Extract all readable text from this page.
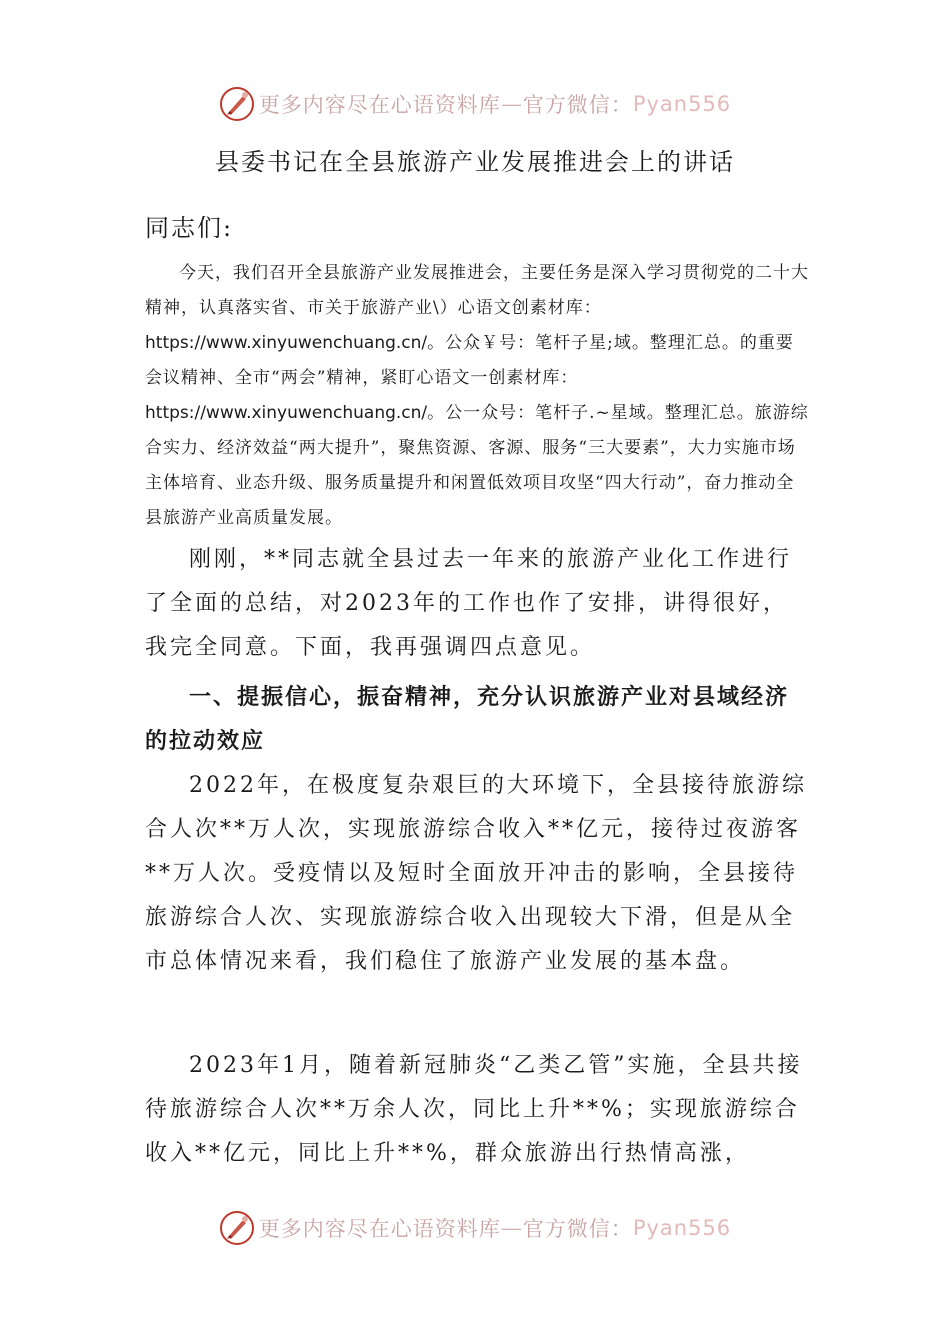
更多内容尽在心语资料库 — 官方微信： Pyan556
县委书记在全县旅游产业发展推进会上的讲话
同志们:

今天，我们召开全县旅游产业发展推进会，主要任务是深入学习贯彻党的二十大精神，认真落实省、市关于旅游产业\）心语文创素材库：https://www.xinyuwenchuang.cn/。公众￥号：笔杆子星;域。整理汇总。的重要会议精神、全市“两会”精神，紧盯心语文一创素材库：https://www.xinyuwenchuang.cn/。公一众号：笔杆子.~星域。整理汇总。旅游综合实力、经济效益“两大提升”，聚焦资源、客源、服务“三大要素”，大力实施市场主体培育、业态升级、服务质量提升和闲置低效项目攻坚“四大行动”，奋力推动全县旅游产业高质量发展。

刚刚，**同志就全县过去一年来的旅游产业化工作进行了全面的总结，对2023年的工作也作了安排，讲得很好，我完全同意。下面，我再强调四点意见。

一、提振信心，振奋精神，充分认识旅游产业对县域经济的拉动效应

2022年，在极度复杂艰巨的大环境下，全县接待旅游综合人次**万人次，实现旅游综合收入**亿元，接待过夜游客**万人次。受疫情以及短时全面放开冲击的影响，全县接待旅游综合人次、实现旅游综合收入出现较大下滑，但是从全市总体情况来看，我们稳住了旅游产业发展的基本盘。

2023年1月，随着新冠肺炎“乙类乙管”实施，全县共接待旅游综合人次**万余人次，同比上升**%；实现旅游综合收入**亿元，同比上升**%，群众旅游出行热情高涨，

更多内容尽在心语资料库 — 官方微信： Pyan556
